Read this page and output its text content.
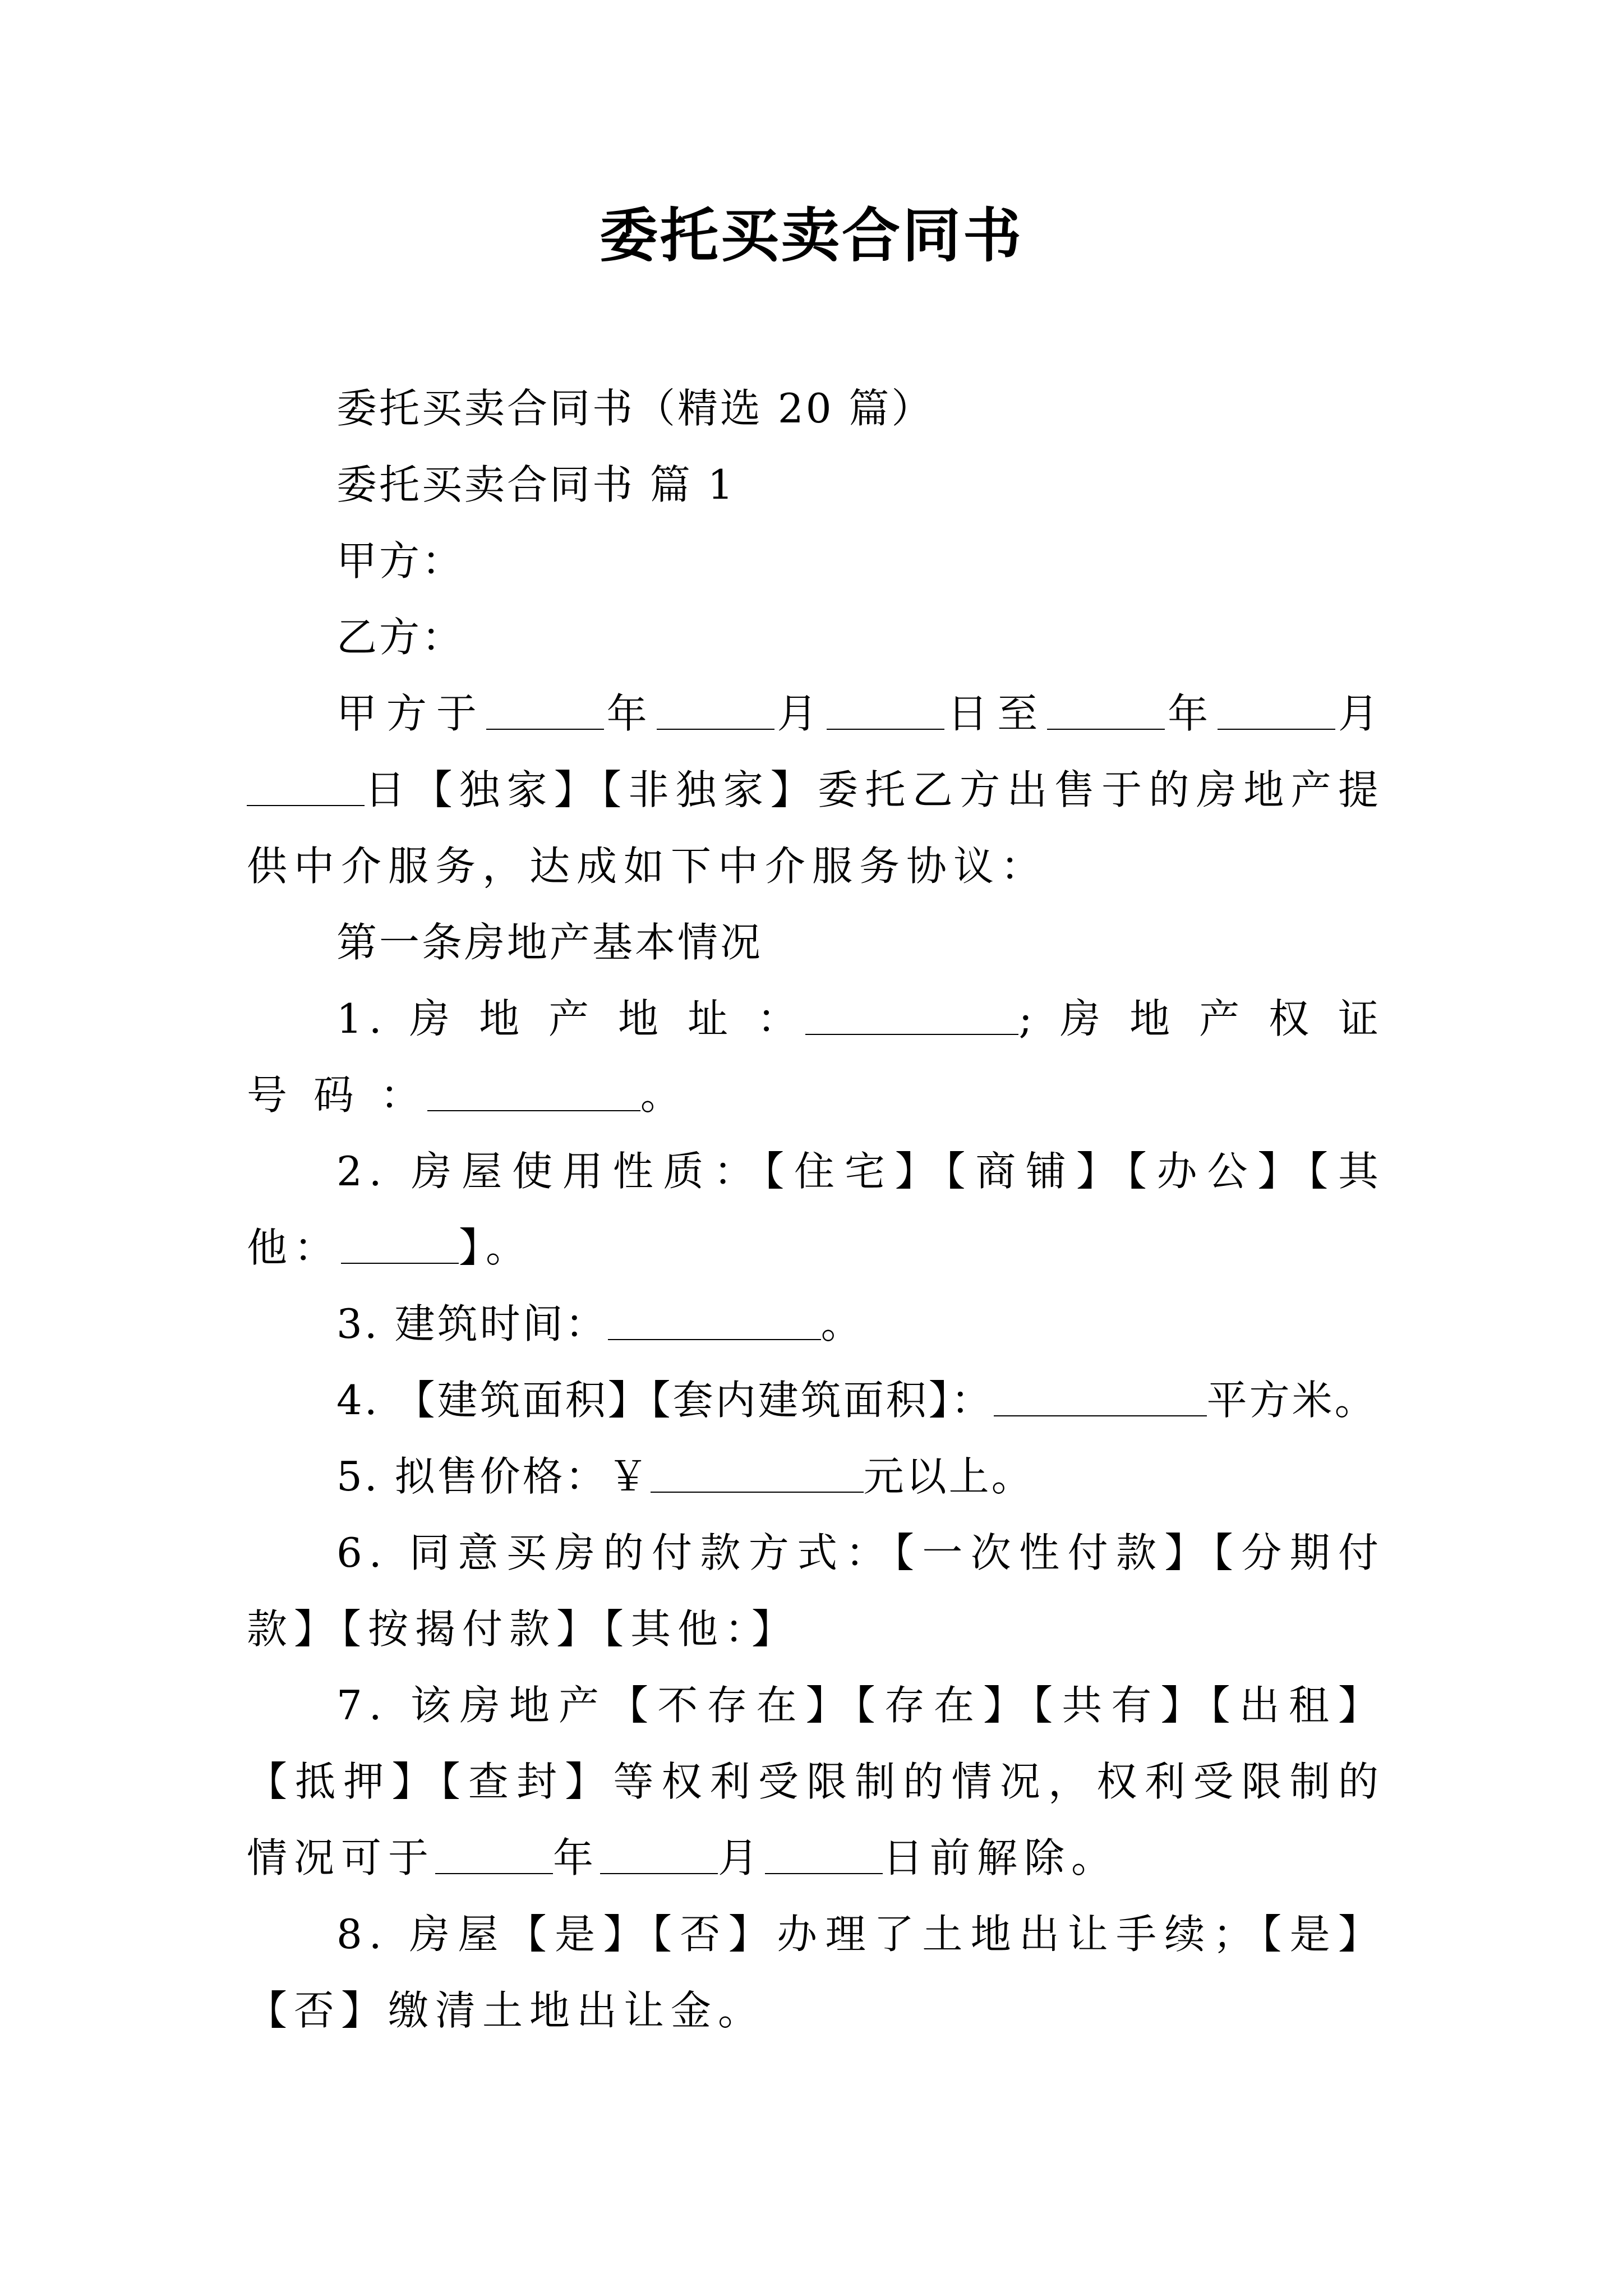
委托买卖合同书

委托买卖合同书（精选 20 篇）

委托买卖合同书 篇 1

甲方：

乙方：

甲方于	年	月	日至	年	月日【独家】【非独家】委托乙方出售于的房地产提供中介服务，达成如下中介服务协议：

第一条房地产基本情况

1. 房 地 产 地 址 ：	; 房 地 产 权 证 号 码 ：	。

2. 房屋使用性质：【住宅】【商铺】【办公】【其他：	】。

3. 建筑时间：	。

4. 【建筑面积】【套内建筑面积】：	平方米。

5. 拟售价格：￥	元以上。

6. 同意买房的付款方式：【一次性付款】【分期付款】【按揭付款】【其他：】

7. 该房地产【不存在】【存在】【共有】【出租】【抵押】【查封】等权利受限制的情况，权利受限制的情况可于	年	月	日前解除。

8. 房屋【是】【否】办理了土地出让手续；【是】【否】缴清土地出让金。
